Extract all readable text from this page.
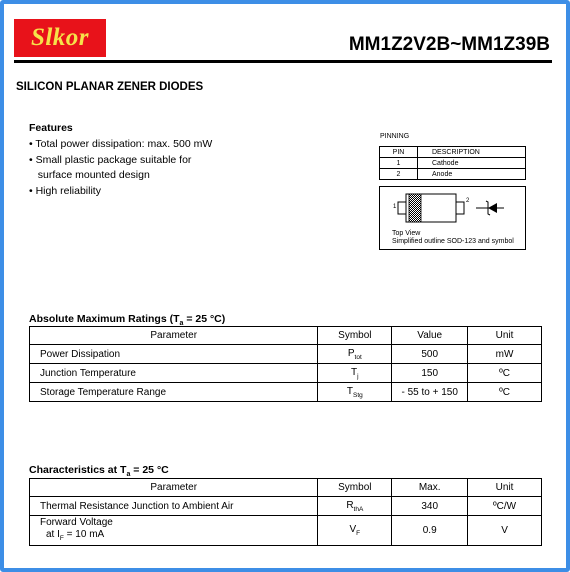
Slkor	MM1Z2V2B~MM1Z39B
SILICON PLANAR ZENER DIODES
Features
• Total power dissipation: max. 500 mW
• Small plastic package suitable for
surface mounted design
• High reliability
PINNING
PIN	DESCRIPTION
1	Cathode
2	Anode
1
2
Top View
Simplified outline SOD-123 and symbol
Absolute Maximum Ratings ($T_a = 25$ °C)
Parameter	Symbol	Value	Unit
Power Dissipation	$P_{tot}$	500	mW
Junction Temperature	$T_j$	150	ºC
Storage Temperature Range	$T_{Stg}$	- 55 to + 150	ºC
Characteristics at $T_a = 25$ °C
Parameter	Symbol	Max.	Unit
Thermal Resistance Junction to Ambient Air	$R_{thA}$	340	ºC/W

Forward Voltage
at $I_F = 10$ mA	$V_F$	0.9	V
